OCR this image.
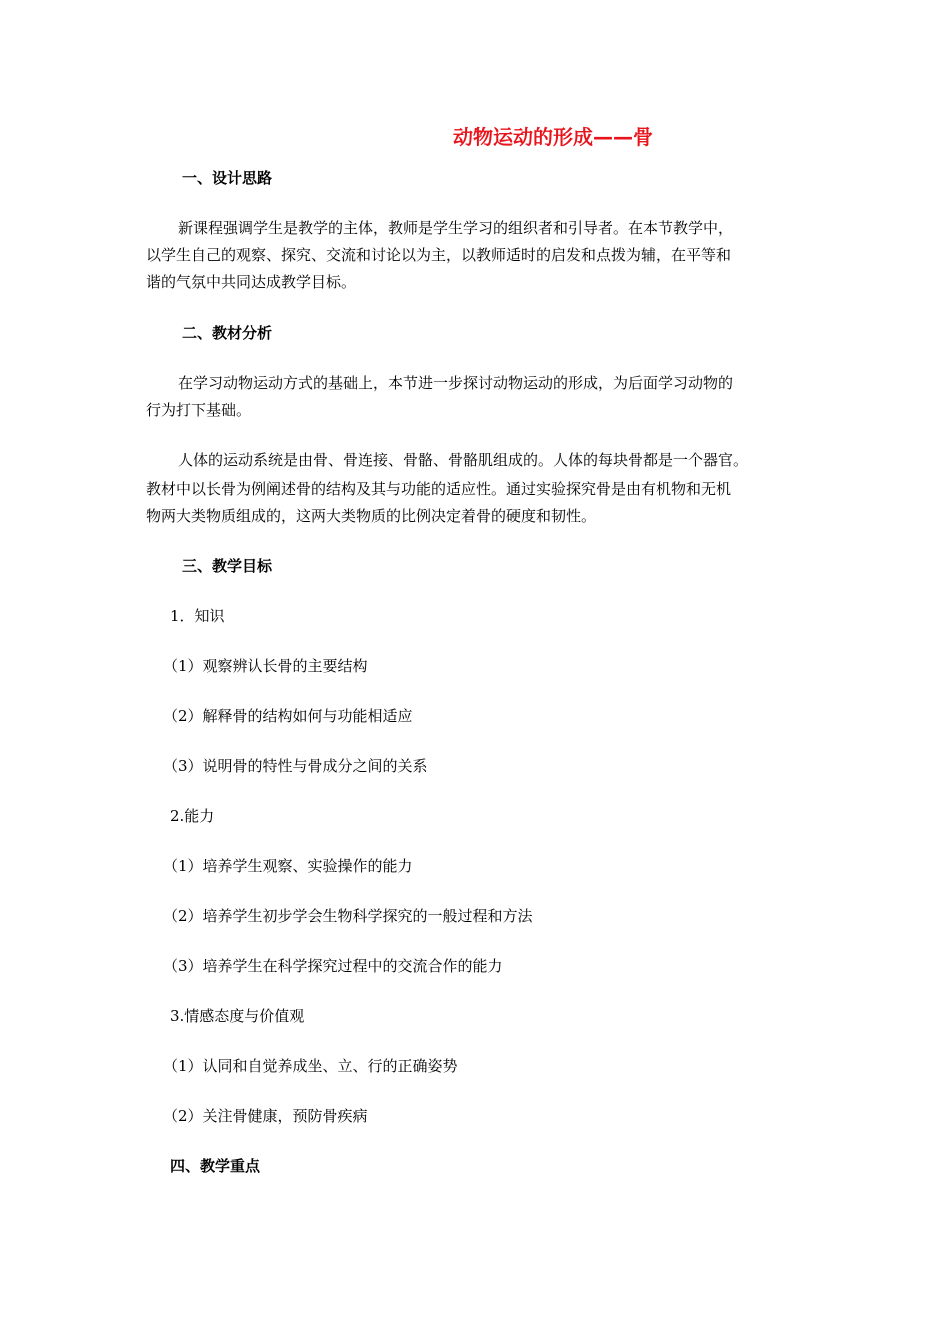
动物运动的形成——骨
一、设计思路
新课程强调学生是教学的主体，教师是学生学习的组织者和引导者。在本节教学中，
以学生自己的观察、探究、交流和讨论以为主，以教师适时的启发和点拨为辅，在平等和
谐的气氛中共同达成教学目标。
二、教材分析
在学习动物运动方式的基础上，本节进一步探讨动物运动的形成，为后面学习动物的
行为打下基础。
人体的运动系统是由骨、骨连接、骨骼、骨骼肌组成的。人体的每块骨都是一个器官。
教材中以长骨为例阐述骨的结构及其与功能的适应性。通过实验探究骨是由有机物和无机
物两大类物质组成的，这两大类物质的比例决定着骨的硬度和韧性。
三、教学目标
1．知识
（1）观察辨认长骨的主要结构
（2）解释骨的结构如何与功能相适应
（3）说明骨的特性与骨成分之间的关系
2.能力
（1）培养学生观察、实验操作的能力
（2）培养学生初步学会生物科学探究的一般过程和方法
（3）培养学生在科学探究过程中的交流合作的能力
3.情感态度与价值观
（1）认同和自觉养成坐、立、行的正确姿势
（2）关注骨健康，预防骨疾病
四、教学重点
